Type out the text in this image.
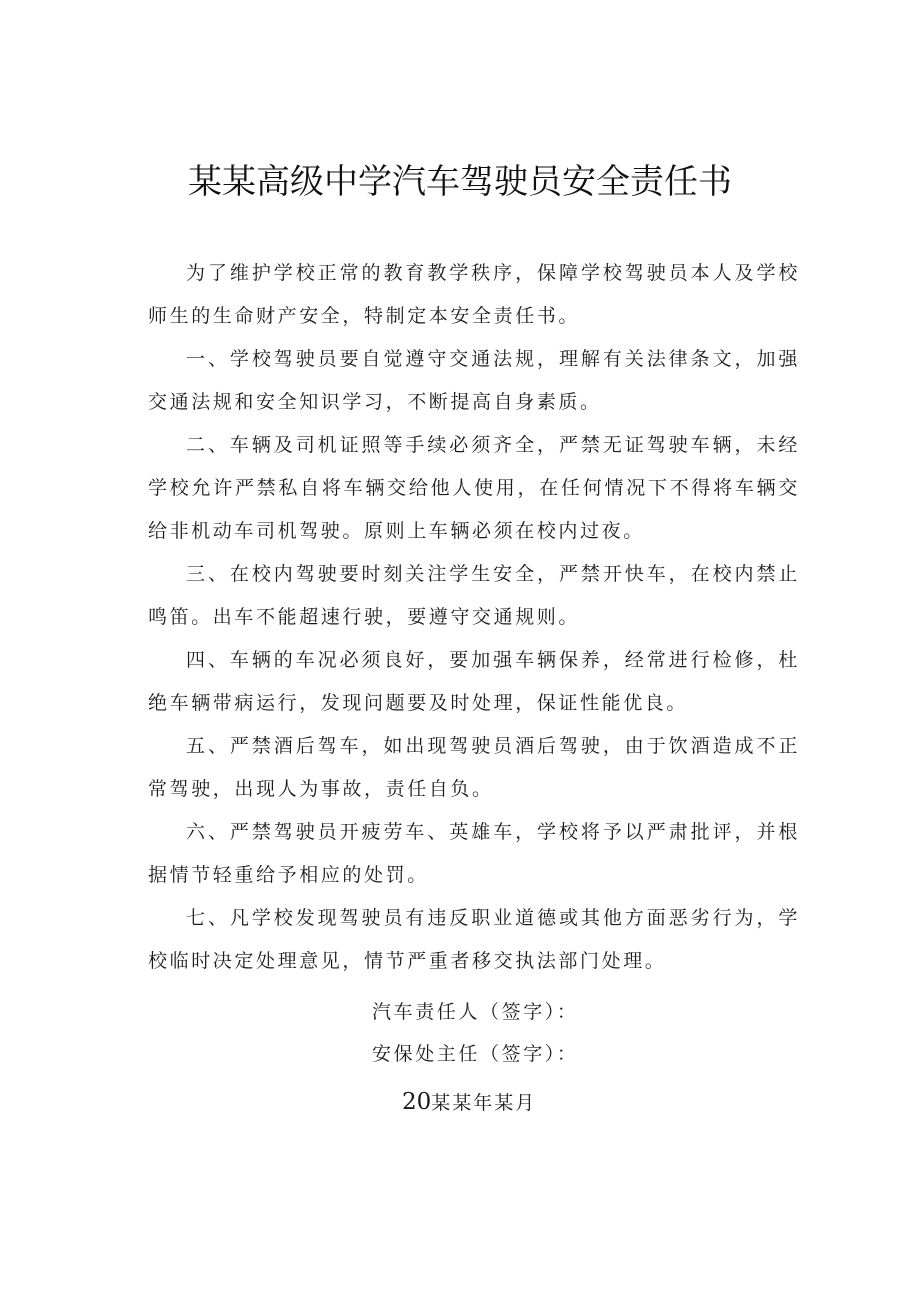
某某高级中学汽车驾驶员安全责任书

为了维护学校正常的教育教学秩序，保障学校驾驶员本人及学校师生的生命财产安全，特制定本安全责任书。

一、学校驾驶员要自觉遵守交通法规，理解有关法律条文，加强交通法规和安全知识学习，不断提高自身素质。

二、车辆及司机证照等手续必须齐全，严禁无证驾驶车辆，未经学校允许严禁私自将车辆交给他人使用，在任何情况下不得将车辆交给非机动车司机驾驶。原则上车辆必须在校内过夜。

三、在校内驾驶要时刻关注学生安全，严禁开快车，在校内禁止鸣笛。出车不能超速行驶，要遵守交通规则。

四、车辆的车况必须良好，要加强车辆保养，经常进行检修，杜绝车辆带病运行，发现问题要及时处理，保证性能优良。

五、严禁酒后驾车，如出现驾驶员酒后驾驶，由于饮酒造成不正常驾驶，出现人为事故，责任自负。

六、严禁驾驶员开疲劳车、英雄车，学校将予以严肃批评，并根据情节轻重给予相应的处罚。

七、凡学校发现驾驶员有违反职业道德或其他方面恶劣行为，学校临时决定处理意见，情节严重者移交执法部门处理。

汽车责任人（签字）：
安保处主任（签字）：
20某某年某月
